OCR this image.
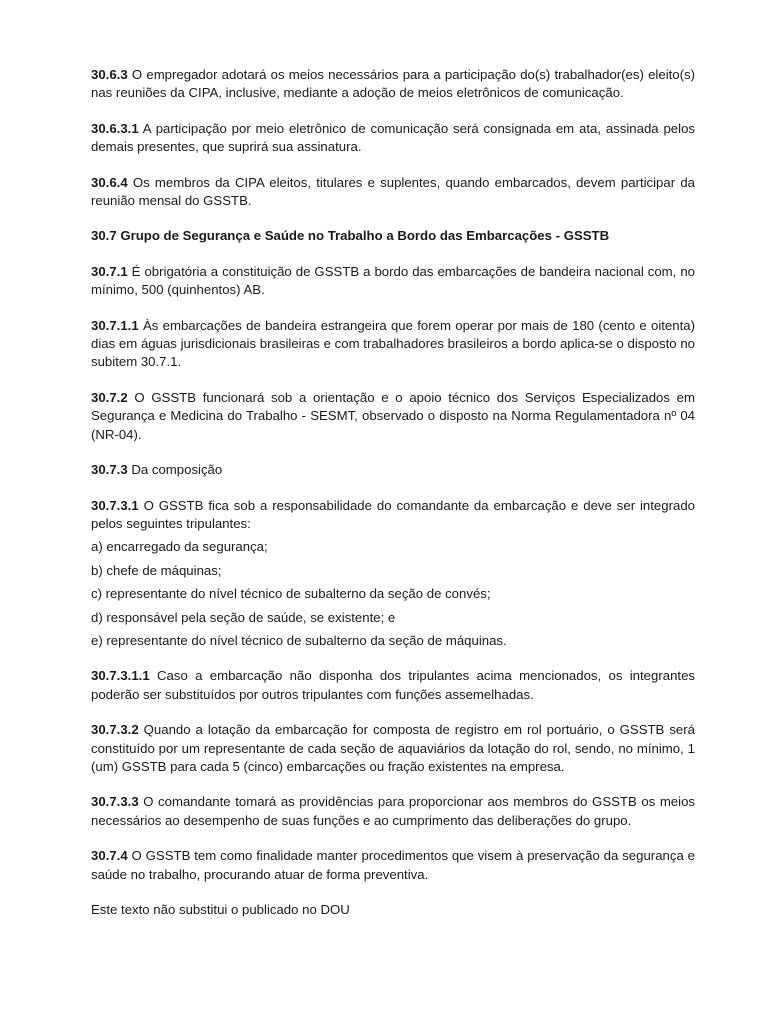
30.6.3 O empregador adotará os meios necessários para a participação do(s) trabalhador(es) eleito(s) nas reuniões da CIPA, inclusive, mediante a adoção de meios eletrônicos de comunicação.

30.6.3.1 A participação por meio eletrônico de comunicação será consignada em ata, assinada pelos demais presentes, que suprirá sua assinatura.

30.6.4 Os membros da CIPA eleitos, titulares e suplentes, quando embarcados, devem participar da reunião mensal do GSSTB.

30.7 Grupo de Segurança e Saúde no Trabalho a Bordo das Embarcações - GSSTB

30.7.1 É obrigatória a constituição de GSSTB a bordo das embarcações de bandeira nacional com, no mínimo, 500 (quinhentos) AB.

30.7.1.1 Às embarcações de bandeira estrangeira que forem operar por mais de 180 (cento e oitenta) dias em águas jurisdicionais brasileiras e com trabalhadores brasileiros a bordo aplica-se o disposto no subitem 30.7.1.

30.7.2 O GSSTB funcionará sob a orientação e o apoio técnico dos Serviços Especializados em Segurança e Medicina do Trabalho - SESMT, observado o disposto na Norma Regulamentadora nº 04 (NR-04).

30.7.3 Da composição

30.7.3.1 O GSSTB fica sob a responsabilidade do comandante da embarcação e deve ser integrado pelos seguintes tripulantes:

a) encarregado da segurança;

b) chefe de máquinas;

c) representante do nível técnico de subalterno da seção de convés;

d) responsável pela seção de saúde, se existente; e

e) representante do nível técnico de subalterno da seção de máquinas.

30.7.3.1.1 Caso a embarcação não disponha dos tripulantes acima mencionados, os integrantes poderão ser substituídos por outros tripulantes com funções assemelhadas.

30.7.3.2 Quando a lotação da embarcação for composta de registro em rol portuário, o GSSTB será constituído por um representante de cada seção de aquaviários da lotação do rol, sendo, no mínimo, 1 (um) GSSTB para cada 5 (cinco) embarcações ou fração existentes na empresa.

30.7.3.3 O comandante tomará as providências para proporcionar aos membros do GSSTB os meios necessários ao desempenho de suas funções e ao cumprimento das deliberações do grupo.

30.7.4 O GSSTB tem como finalidade manter procedimentos que visem à preservação da segurança e saúde no trabalho, procurando atuar de forma preventiva.

Este texto não substitui o publicado no DOU
